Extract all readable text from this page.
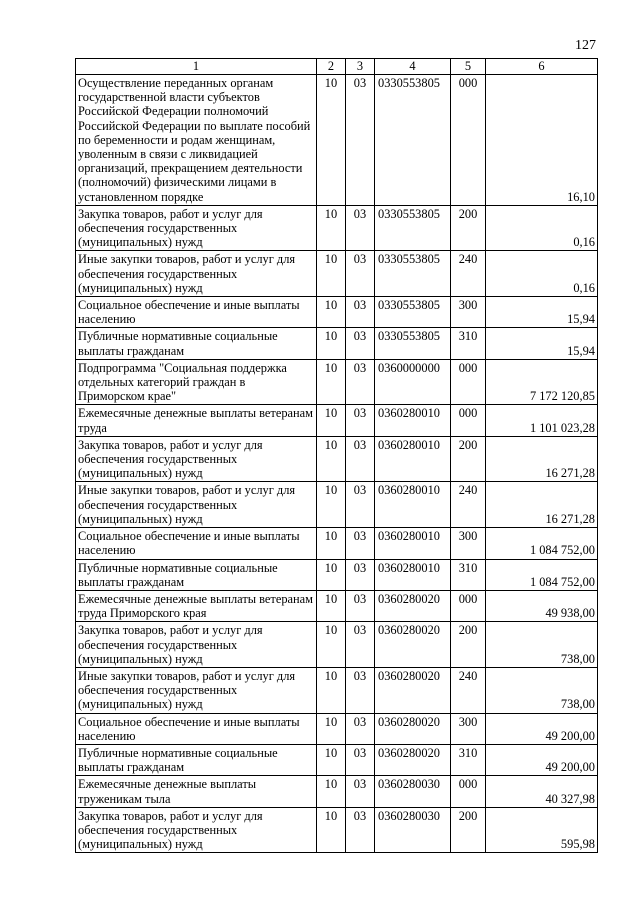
127
1	2	3	4	5	6
Осуществление переданных органам государственной власти субъектов Российской Федерации полномочий Российской Федерации по выплате пособий по беременности и родам женщинам, уволенным в связи с ликвидацией организаций, прекращением деятельности (полномочий) физическими лицами в установленном порядке	10	03	0330553805	000	16,10
Закупка товаров, работ и услуг для обеспечения государственных (муниципальных) нужд	10	03	0330553805	200	0,16
Иные закупки товаров, работ и услуг для обеспечения государственных (муниципальных) нужд	10	03	0330553805	240	0,16
Социальное обеспечение и иные выплаты населению	10	03	0330553805	300	15,94
Публичные нормативные социальные выплаты гражданам	10	03	0330553805	310	15,94
Подпрограмма "Социальная поддержка отдельных категорий граждан в Приморском крае"	10	03	0360000000	000	7 172 120,85
Ежемесячные денежные выплаты ветеранам труда	10	03	0360280010	000	1 101 023,28
Закупка товаров, работ и услуг для обеспечения государственных (муниципальных) нужд	10	03	0360280010	200	16 271,28
Иные закупки товаров, работ и услуг для обеспечения государственных (муниципальных) нужд	10	03	0360280010	240	16 271,28
Социальное обеспечение и иные выплаты населению	10	03	0360280010	300	1 084 752,00
Публичные нормативные социальные выплаты гражданам	10	03	0360280010	310	1 084 752,00
Ежемесячные денежные выплаты ветеранам труда Приморского края	10	03	0360280020	000	49 938,00
Закупка товаров, работ и услуг для обеспечения государственных (муниципальных) нужд	10	03	0360280020	200	738,00
Иные закупки товаров, работ и услуг для обеспечения государственных (муниципальных) нужд	10	03	0360280020	240	738,00
Социальное обеспечение и иные выплаты населению	10	03	0360280020	300	49 200,00
Публичные нормативные социальные выплаты гражданам	10	03	0360280020	310	49 200,00
Ежемесячные денежные выплаты труженикам тыла	10	03	0360280030	000	40 327,98
Закупка товаров, работ и услуг для обеспечения государственных (муниципальных) нужд	10	03	0360280030	200	595,98
